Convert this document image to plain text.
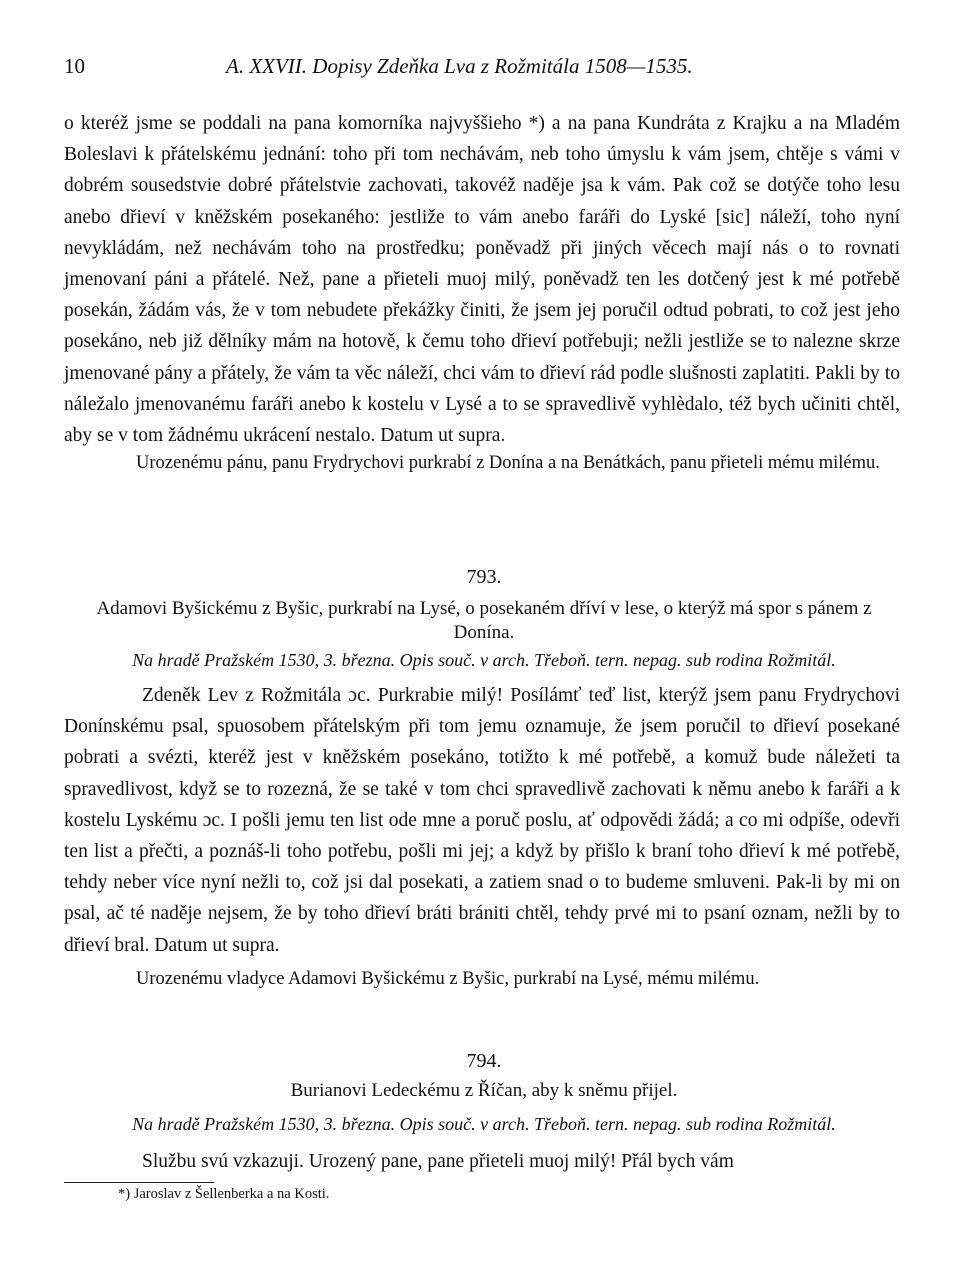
10	A. XXVII. Dopisy Zdeňka Lva z Rožmitála 1508—1535.

o kteréž jsme se poddali na pana komorníka najvyššieho *) a na pana Kundráta z Krajku a na Mladém Boleslavi k přátelskému jednání: toho při tom nechávám, neb toho úmyslu k vám jsem, chtěje s vámi v dobrém sousedstvie dobré přátelstvie zachovati, takovéž naděje jsa k vám. Pak což se dotýče toho lesu anebo dřieví v kněžském posekaného: jestliže to vám anebo faráři do Lyské [sic] náleží, toho nyní nevykládám, než nechávám toho na prostředku; poněvadž při jiných věcech mají nás o to rovnati jmenovaní páni a přátelé. Než, pane a přieteli muoj milý, poněvadž ten les dotčený jest k mé potřebě posekán, žádám vás, že v tom nebudete překážky činiti, že jsem jej poručil odtud pobrati, to což jest jeho posekáno, neb již dělníky mám na hotově, k čemu toho dřieví potřebuji; nežli jestliže se to nalezne skrze jmenované pány a přátely, že vám ta věc náleží, chci vám to dřieví rád podle slušnosti zaplatiti. Pakli by to náležalo jmenovanému faráři anebo k kostelu v Lysé a to se spravedlivě vyhlèdalo, též bych učiniti chtěl, aby se v tom žádnému ukrácení nestalo. Datum ut supra.

Urozenému pánu, panu Frydrychovi purkrabí z Donína a na Benátkách, panu přieteli mému milému.

793.
Adamovi Byšickému z Byšic, purkrabí na Lysé, o posekaném dříví v lese, o kterýž má spor s pánem z Donína.
Na hradě Pražském 1530, 3. března. Opis souč. v arch. Třeboň. tern. nepag. sub rodina Rožmitál.

Zdeněk Lev z Rožmitála ɔc. Purkrabie milý! Posílámť teď list, kterýž jsem panu Frydrychovi Donínskému psal, spuosobem přátelským při tom jemu oznamuje, že jsem poručil to dřieví posekané pobrati a svézti, kteréž jest v kněžském posekáno, totižto k mé potřebě, a komuž bude náležeti ta spravedlivost, když se to rozezná, že se také v tom chci spravedlivě zachovati k němu anebo k faráři a k kostelu Lyskému ɔc. I pošli jemu ten list ode mne a poruč poslu, ať odpovědi žádá; a co mi odpíše, odevři ten list a přečti, a poznáš-li toho potřebu, pošli mi jej; a když by přišlo k braní toho dřieví k mé potřebě, tehdy neber více nyní nežli to, což jsi dal posekati, a zatiem snad o to budeme smluveni. Pak-li by mi on psal, ač té naděje nejsem, že by toho dřieví bráti brániti chtěl, tehdy prvé mi to psaní oznam, nežli by to dřieví bral. Datum ut supra.

Urozenému vladyce Adamovi Byšickému z Byšic, purkrabí na Lysé, mému milému.

794.
Burianovi Ledeckému z Říčan, aby k sněmu přijel.
Na hradě Pražském 1530, 3. března. Opis souč. v arch. Třeboň. tern. nepag. sub rodina Rožmitál.

Službu svú vzkazuji. Urozený pane, pane přieteli muoj milý! Přál bych vám

*) Jaroslav z Šellenberka a na Kosti.
